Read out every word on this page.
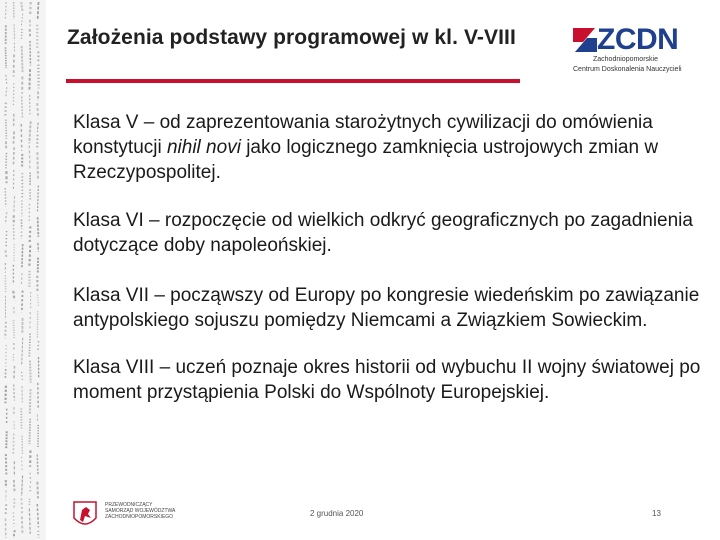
Założenia podstawy programowej w kl. V-VIII	ZCDN
Zachodniopomorskie
Centrum Doskonalenia Nauczycieli

Klasa V – od zaprezentowania starożytnych cywilizacji do omówienia konstytucji nihil novi jako logicznego zamknięcia ustrojowych zmian w Rzeczypospolitej.

Klasa VI – rozpoczęcie od wielkich odkryć geograficznych po zagadnienia dotyczące doby napoleońskiej.

Klasa VII – począwszy od Europy po kongresie wiedeńskim po zawiązanie antypolskiego sojuszu pomiędzy Niemcami a Związkiem Sowieckim.

Klasa VIII – uczeń poznaje okres historii od wybuchu II wojny światowej po moment przystąpienia Polski do Wspólnoty Europejskiej.

PRZEWODNICZĄCY
SAMORZĄD WOJEWÓDZTWA
ZACHODNIOPOMORSKIEGO	2 grudnia 2020	13
